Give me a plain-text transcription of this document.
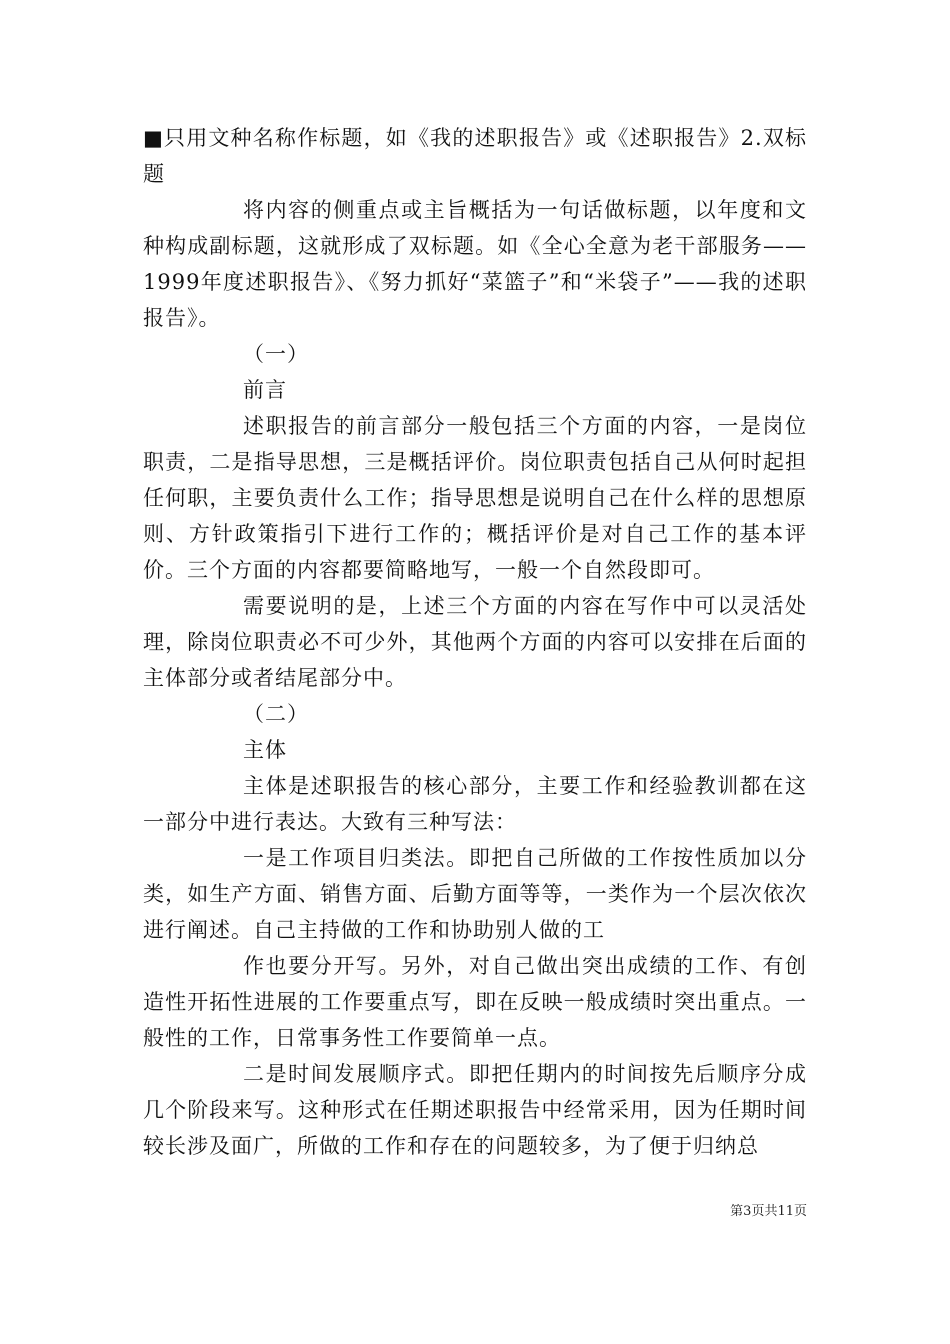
■只用文种名称作标题，如《我的述职报告》或《述职报告》2.双标题

将内容的侧重点或主旨概括为一句话做标题，以年度和文种构成副标题，这就形成了双标题。如《全心全意为老干部服务——1999年度述职报告》、《努力抓好“菜篮子”和“米袋子”——我的述职报告》。

（一）

前言

述职报告的前言部分一般包括三个方面的内容，一是岗位职责，二是指导思想，三是概括评价。岗位职责包括自己从何时起担任何职，主要负责什么工作；指导思想是说明自己在什么样的思想原则、方针政策指引下进行工作的；概括评价是对自己工作的基本评价。三个方面的内容都要简略地写，一般一个自然段即可。

需要说明的是，上述三个方面的内容在写作中可以灵活处理，除岗位职责必不可少外，其他两个方面的内容可以安排在后面的主体部分或者结尾部分中。

（二）

主体

主体是述职报告的核心部分，主要工作和经验教训都在这一部分中进行表达。大致有三种写法：

一是工作项目归类法。即把自己所做的工作按性质加以分类，如生产方面、销售方面、后勤方面等等，一类作为一个层次依次进行阐述。自己主持做的工作和协助别人做的工

作也要分开写。另外，对自己做出突出成绩的工作、有创造性开拓性进展的工作要重点写，即在反映一般成绩时突出重点。一般性的工作，日常事务性工作要简单一点。

二是时间发展顺序式。即把任期内的时间按先后顺序分成几个阶段来写。这种形式在任期述职报告中经常采用，因为任期时间较长涉及面广，所做的工作和存在的问题较多，为了便于归纳总

第3页共11页
